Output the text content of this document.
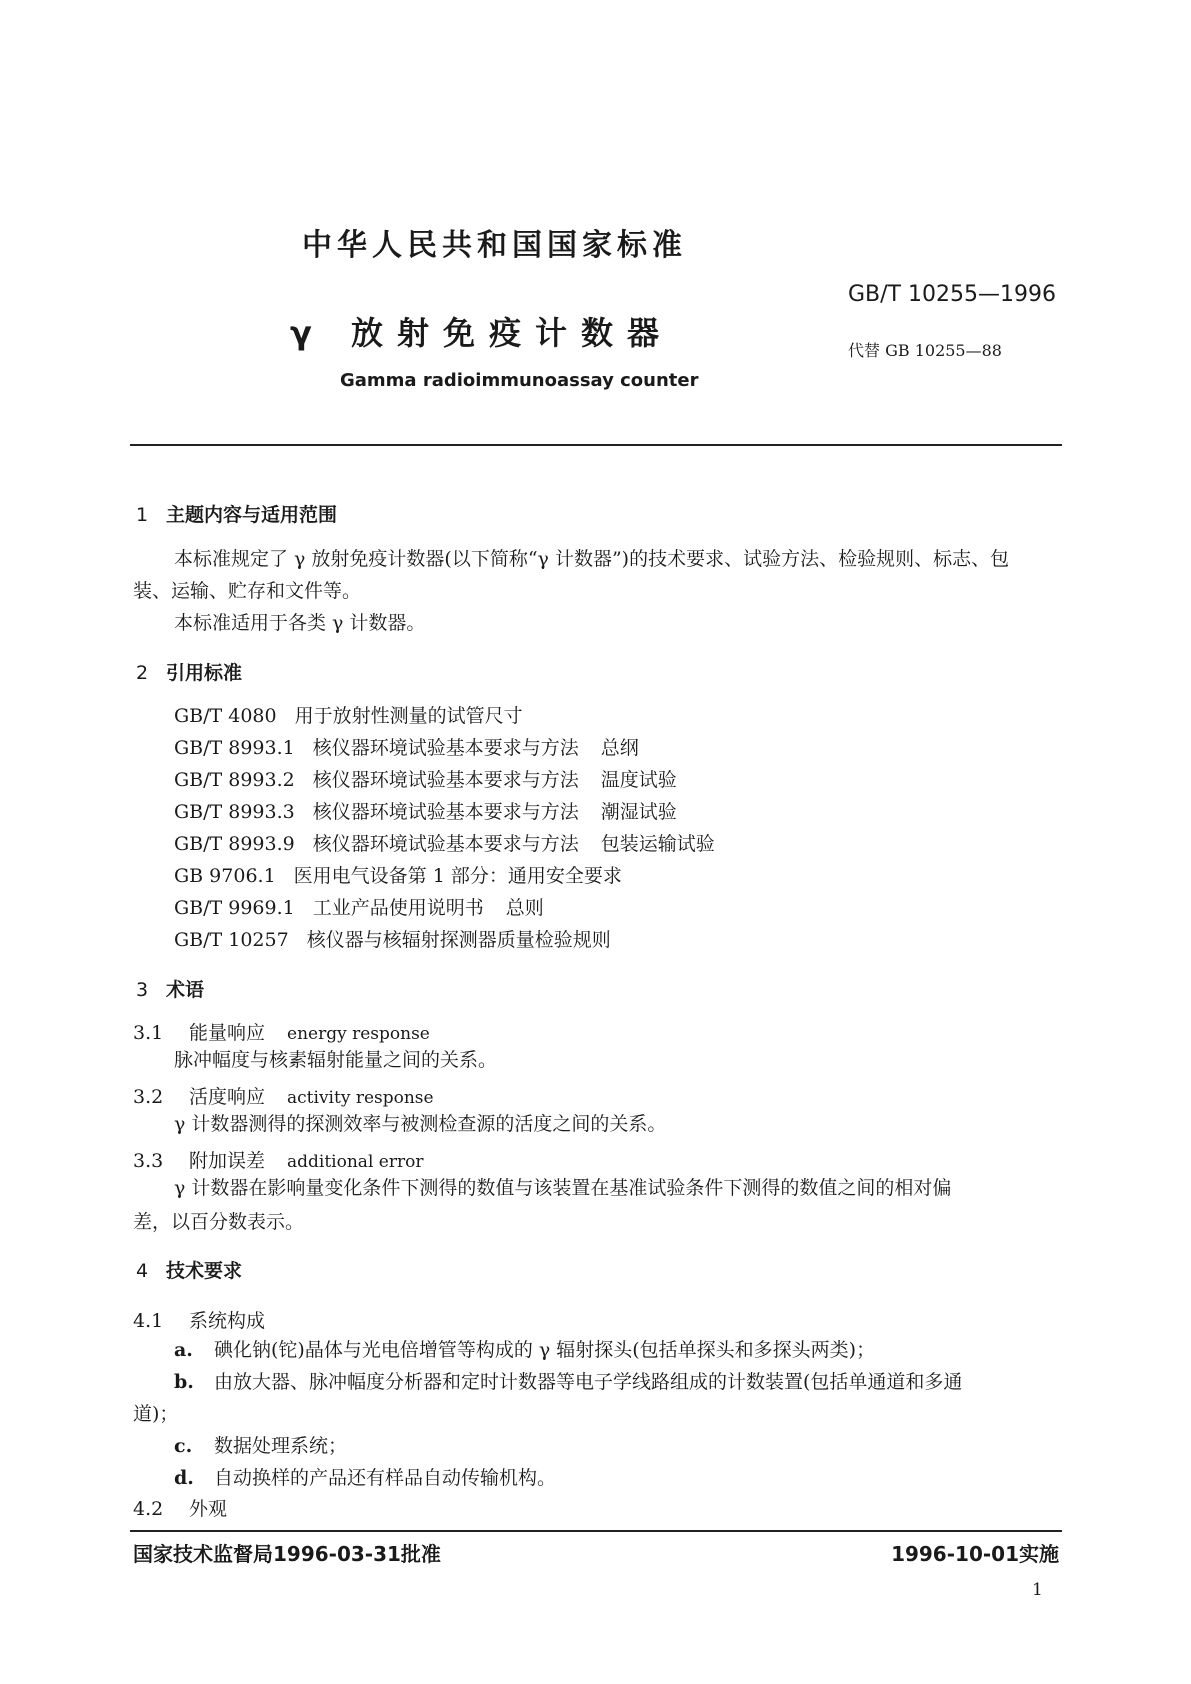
中华人民共和国国家标准
GB/T 10255—1996
γ 放射免疫计数器	代替 GB 10255—88
Gamma radioimmunoassay counter
1 主题内容与适用范围
本标准规定了 γ 放射免疫计数器(以下简称“γ 计数器”)的技术要求、试验方法、检验规则、标志、包
装、运输、贮存和文件等。
本标准适用于各类 γ 计数器。
2 引用标准
GB/T 4080 用于放射性测量的试管尺寸
GB/T 8993.1 核仪器环境试验基本要求与方法 总纲
GB/T 8993.2 核仪器环境试验基本要求与方法 温度试验
GB/T 8993.3 核仪器环境试验基本要求与方法 潮湿试验
GB/T 8993.9 核仪器环境试验基本要求与方法 包装运输试验
GB 9706.1 医用电气设备第 1 部分：通用安全要求
GB/T 9969.1 工业产品使用说明书 总则
GB/T 10257 核仪器与核辐射探测器质量检验规则
3 术语
3.1 能量响应 energy response
脉冲幅度与核素辐射能量之间的关系。
3.2 活度响应 activity response
γ 计数器测得的探测效率与被测检查源的活度之间的关系。
3.3 附加误差 additional error
γ 计数器在影响量变化条件下测得的数值与该装置在基准试验条件下测得的数值之间的相对偏
差，以百分数表示。
4 技术要求
4.1 系统构成
a. 碘化钠(铊)晶体与光电倍增管等构成的 γ 辐射探头(包括单探头和多探头两类)；
b. 由放大器、脉冲幅度分析器和定时计数器等电子学线路组成的计数装置(包括单通道和多通
道)；
c. 数据处理系统；
d. 自动换样的产品还有样品自动传输机构。
4.2 外观
国家技术监督局1996-03-31批准	1996-10-01实施
1
